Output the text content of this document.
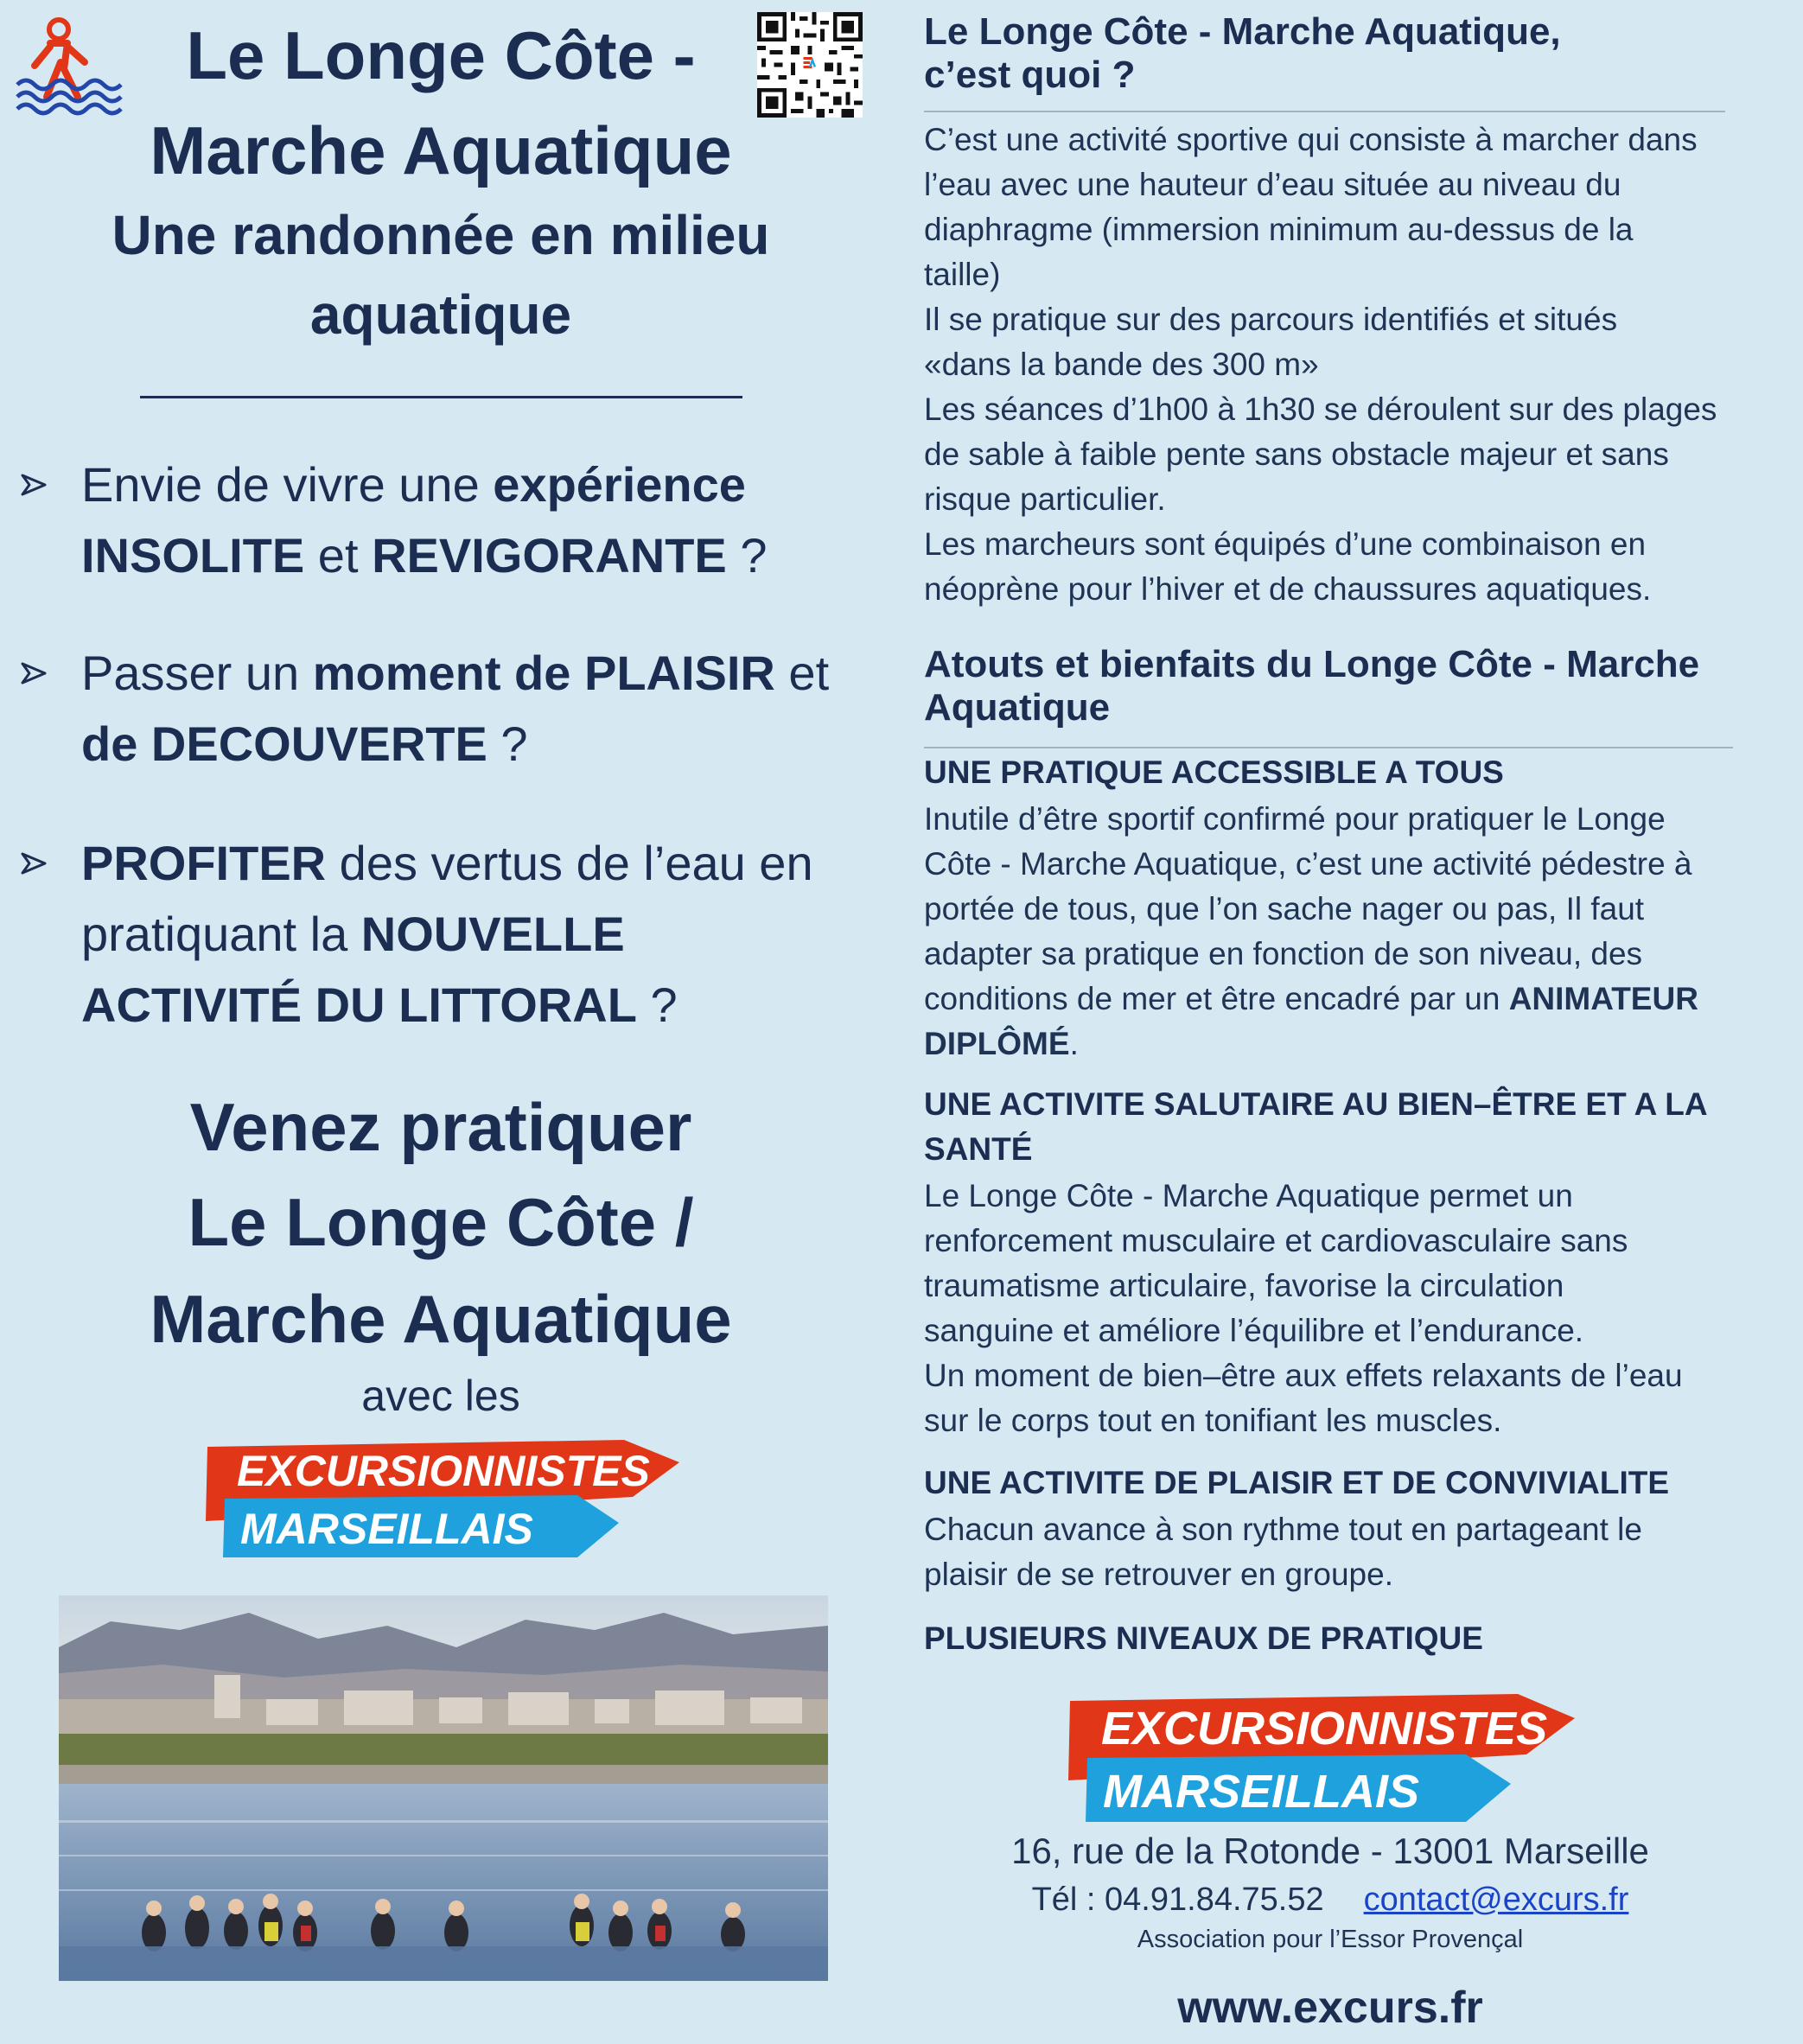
Le Longe Côte -
Marche Aquatique
Une randonnée en milieu
aquatique
Envie de vivre une expérience
INSOLITE et REVIGORANTE ?
Passer un moment de PLAISIR et
de DECOUVERTE ?
PROFITER des vertus de l’eau en
pratiquant la NOUVELLE
ACTIVITÉ DU LITTORAL ?
Venez pratiquer
Le Longe Côte /
Marche Aquatique
avec les
EXCURSIONNISTES
MARSEILLAIS
Le Longe Côte - Marche Aquatique,
c’est quoi ?
C’est une activité sportive qui consiste à marcher dans
l’eau avec une hauteur d’eau située au niveau du
diaphragme (immersion minimum au-dessus de la
taille)
Il se pratique sur des parcours identifiés et situés
«dans la bande des 300 m»
Les séances d’1h00 à 1h30 se déroulent sur des plages
de sable à faible pente sans obstacle majeur et sans
risque particulier.
Les marcheurs sont équipés d’une combinaison en
néoprène pour l’hiver et de chaussures aquatiques.
Atouts et bienfaits du Longe Côte - Marche
Aquatique
UNE PRATIQUE ACCESSIBLE A TOUS
Inutile d’être sportif confirmé pour pratiquer le Longe
Côte - Marche Aquatique, c’est une activité pédestre à
portée de tous, que l’on sache nager ou pas, Il faut
adapter sa pratique en fonction de son niveau, des
conditions de mer et être encadré par un ANIMATEUR
DIPLÔMÉ.
UNE ACTIVITE SALUTAIRE AU BIEN–ÊTRE ET A LA
SANTÉ
Le Longe Côte - Marche Aquatique permet un
renforcement musculaire et cardiovasculaire sans
traumatisme articulaire, favorise la circulation
sanguine et améliore l’équilibre et l’endurance.
Un moment de bien–être aux effets relaxants de l’eau
sur le corps tout en tonifiant les muscles.
UNE ACTIVITE DE PLAISIR ET DE CONVIVIALITE
Chacun avance à son rythme tout en partageant le
plaisir de se retrouver en groupe.
PLUSIEURS NIVEAUX DE PRATIQUE
EXCURSIONNISTES
MARSEILLAIS
16, rue de la Rotonde - 13001 Marseille
Tél : 04.91.84.75.52 contact@excurs.fr
Association pour l’Essor Provençal
www.excurs.fr
